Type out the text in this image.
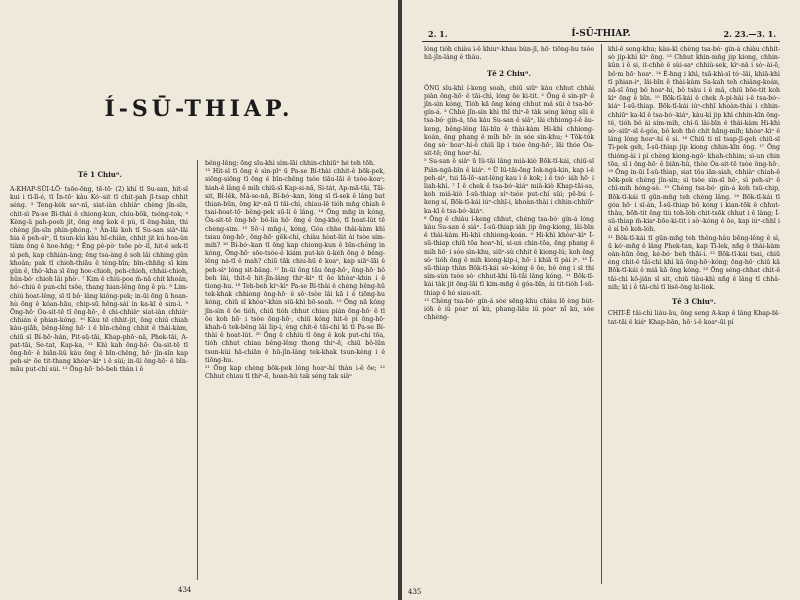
Í-SŪ-THIAP.
Tē 1 Chiuⁿ.

A-KHAP-SŪI-LŌ· tsōe-ōng, tē-tō· (2) khí tī Su-san, hit-sî kui i tī-lī-é, tī Ìn-tō· kàu Kó·-sit tī chit-pah jī-tsap chhit séng. ³ Teng-kèk saⁿ-nî, siat-iàn chhiàⁿ chèng jîn-sîn, chit-sì Pa-se Bí-thài ê chiong-kun, chiu-bōk, tsóng-tok; ⁴ Kèng-ū pah-poeh jit, ōng èng kok ê pù, tī ēng-hiàn, thì chèng jîn-sîn phín-phóng. ⁵ Àn-lāi koh tī Su-san siâⁿ-lāi hia ê peh-sìⁿ, tī tsun-kùi kàu hī-chiân, chhit jit kú hoa-ûn tiàm ōng ê hoe-hńg; ⁶ Ēng pê-pò· tsōe pò·-lî, hit-ê sek-tī sì peh, kap chhián-àng; ēng tsa-àng ê soh lâi chhing gûn khoân; pak tī chioh-thiāu ê téng-bīn; bīn-chhn̄g sī kim gûn ê, thô·-kha sī ēng hoe-chioh, peh-chioh, chhái-chioh, hûn-bô· chioh lâi phò·. ⁷ Kim ê chiú-poe m̄-nā chit khoán, hó·-chiú ē pun-chí tsōe, thang hian-lêng ōng ê pù. ⁸ Lim-chiú hoat-lêng, sī tī bô· lâng kiông-pek; in-ūi ōng ū hoan-hù ōng ê kóan-hāu, chip-sū hêng-sái in ka-kī ê sim-ì. ⁹ Ōng-hō· Óa-sit-tē tī ōng-hō·, ē chi-chhiàⁿ siat-iàn chhiàⁿ chhián ê phian-kóng. ¹⁰ Kàu tē chhit-jit, ōng chiú chiah kàu-giâ̍h, bêng-lêng hō· i ê bīn-chêng chhit ê thài-kàm, chiū sī Bí-hō·-hân, Pit-sū-tāi, Khap-phō·-nā, Phek-tāi, A-pat-tāi, Se-tat, Kap-ka, ¹¹ Khì kah ōng-hō· Óa-sit-tē tī ōng-hō· ê biān-liû kàu ōng ê bīn-chêng, hō· jîn-sîn kap peh-sìⁿ ōe tit-thang khòaⁿ-kìⁿ i ê sùi; in-ūi ōng-hō· ê bīn-māu put-chí sùi. ¹² Ōng-hō· bô-beh thàn i ê

bêng-lêng; ōng sīu-khì sìm-lāi chhin-chhiūⁿ hé teh tōh.

¹³ Hit-sî tī ōng ê sìn-pīⁿ ū Pa-se Bí-thài chhit-ê bōk-pek, siōng-siōng tī ōng ê bīn-chêng tsòe tiāu-lāi ê tsòe-koaⁿ; hiah-ê lâng ê mi̍h chiū-sī Kap-si-nā, Si-tát, Ap-mā-tāi, Tāi-sit, Bí-lêk, Mâ-se-nā, Bí-bó·-kan, lóng sī tī-sek ê lâng bat thian-būn, ōng kiⁿ-nā tī tāi-chì, chiau-lē tióh mn̄g chiah ê tsai-hoat-tō· bêng-pek sū-lí ê lâng. ¹⁴ Ōng mn̄g in kóng, Óa-sit-tē ōng-hō· bô-lia hō· ōng ê ōng-khó, tī hoat-lu̍t tē cheng-sim. ¹⁵ Sō·-í mn̄g-i, kóng, Góa chhe thài-kàm khì tsiau ōng-hō·, ōng-hō· gēk-chí, chiàu hòat-lu̍t ài tsòe sím-mih? ¹⁶ Bí-bó·-kan tī ōng kap chiong-kun ê bīn-chêng ìn kóng, Ōng-hō· sōe-tsòe-ê kiám put-kò ū-kèh ōng ê bêng-lêng ná-tī ê mah? chiū tāk chiu-hū ē koaⁿ, kap siāⁿ-lāi ê peh-sìⁿ lóng sit-bāng. ¹⁷ In-ūi ōng tāu ōng-hō·, ōng-hō· bô beh lâi, thi̍t-ē hit-jîn-lâng thiⁿ-kìⁿ tī ōe khòaⁿ-khin i ê tiong-hu. ¹⁸ Teh-beh kiⁿ-kìⁿ Pa-se Bí-thài ê chèng bêng-hū tek-khak chhiong ōng-hō· ê sō·-tsòe lâi kā i ê tiōng-hu kóng, chiū sī khòaⁿ-khin siū-khì bō-soah. ¹⁹ Ōng nā kóng jîn-sìn ē ōe tióh, chiū tióh chhut chiau pián ōng-hō· ê tī ōe koh hō· i tsòe ōng-hō·, chiū kóng hit-ê pì ōng-hō· khah-ū tek-bêng lâi lip-i, èng chit-ê tāi-chì kì tī Pa-se Bí-thài ê hoat-lu̍t. ²⁰ Ōng ē chhiù tī ōng ê kok put-chí tōa, tióh chhut chiau bêng-lêng thong thiⁿ-ē, chiū bô-lūn tsun-kùi hā-chiān ê hū-jîn-lâng tek-khak tsun-kèng i ê tiōng-hu.

²¹ Ōng kap chèng bōk-pek lóng hoaⁿ-hí thàn i-ê ōe; ²² Chhut chiau tī thiⁿ-ē, hoan-hù tak séng tak siâⁿ

434
2. 1.	Í-SŪ-THIAP.	2. 23.—3. 1.

lóng tióh chiàu i-ê khiuⁿ-khau bûn-jī, hō· tiōng-hu tsòe hū-jîn-lâng ê thâu.

Tē 2 Chiuⁿ.

ÔNG sīu-khì í-keng soah, chiū siūⁿ kàu chhut chhài piàn ōng-hō· ê tāi-chì, lóng ōe ki-tit. ² Ōng ê sìn-pīⁿ ê jîn-sìn kóng, Tióh kā ōng kéng chhut mâ sūi ê tsa-bó· gín-á. ³ Chhè jîn-sìn khì thī thiⁿ-ē tàk séng kéng sūi ê tsa-bó· gín-á, tōa kàu Su-san ê siâⁿ, lâi chhiong-i-ê âu-keng, bêng-lêng lāi-bīn ê thài-kàm Hi-khì chhiong-koán, ēng phang ê mi̍h hō· in sóe sìn-khu; ⁴ Tōk-tók ōng sò· hoaⁿ-hí-ê chiū lip i tsòe ōng-hō·, lāi thóe Óa-sit-tē; ōng hoaⁿ-hí.

⁵ Su-san ê siâⁿ ū Iû-tāi lâng mià-kiò Bōk-tī-kái, chiū-sī Piân-ngā-bīn ê kiáⁿ. ⁶ Ū Iû-tāi-ōng Iok-ngá-kin, kap i-ê peh-sìⁿ, tui Iâ-lō·-sat-léng kau i ê kok; i ê tsó· iáh hō· i liah-khì. ⁷ I ê chek ê tsa-bó·-kiáⁿ miâ-kiò Khap-tāi-sa, koh miâ-kiò Í-sū-thiap si̍ⁿ-tsòe put-chí sūi; pē-bú í-keng sí, Bōk-tī-kái iúⁿ-chhī-i, khoàn-thài i chhin-chhiūⁿ ka-kī ê tsa-bó·-kiáⁿ.

⁸ Ōng ê chiàu í-keng chhut, chèng tsa-bó· gín-á lóng kàu Su-san ê siâⁿ. Í-sū-thiap iáh jip ōng-kiong, lâi-bīn ê thài-kàm Hi-khì chhiong-koán. ⁹ Hi-khì khòaⁿ-kìⁿ Í-sū-thiap chiū tōa hoaⁿ-hí, si-un chin-tōa, ēng phang ê mi̍h hō· i sóe sìn-khu, siūⁿ-sù chhit ê kiong-lú; koh ēng sò· tióh ōng ê mi̍h kiong-kip-i, hō· i khiā tī pài iⁿ. ¹⁰ Í-sū-thiap thàn Bōk-tī-kái sò·-kóng ê ōe, bô èng i sī thi sim-sùn tsòe sò· chhut-khì Iû-tāi lâng kóng. ¹¹ Bōk-tī-kái tàk jit ōng-lāi tī kim-mn̄g ê góa-bīn, ài tit-tióh Í-sū-thiap ê hó siau-sit.

¹² Chèng tsa-bó· gín-á sòe sēng-khu chiàu lē èng bùt-ióh ê iû pòaⁿ nî kú, phang-liāu iû pòaⁿ nî kú, sóe chhèng-

khì-ê seng-khu; kàu-kì chèng tsa-bó· gín-á chiàu chhit-sò jip-khì kìⁿ ōng. ¹³ Chhut khin-mn̄g jip kiong, chhin-kûn i ê si, it-chhè ê sùi-saⁿ chhiú-sek, kìⁿ-nā i sò·-ài-ē, bô·m hō· hoaⁿ. ¹⁴ Ê-hng i khì, tsā-khì-sī tó·-lâi, khiā-khì tī phian-iⁿ, lâi-bīn ê thài-kàm Sa-kah teh chiâng-koán, nā-sī ōng bô hoaⁿ-hí, bô tsàu i ê mâ, chiū bōe-tit koh kìⁿ ōng ê bīn. ¹⁵ Bōk-tī-kái ê chek A-pi-hài i-ê tsa-bó·-kiáⁿ Í-sū-thiap. Bōk-tī-kái iúⁿ-chhī khoàn-thài i chhin-chhiūⁿ ka-kī ê tsa-bó·-kiáⁿ, kàu-kì jip khì chhin-kīn ōng-tê, tióh bô ài sím-mih, chí-ū lâi-bīn ê thài-kàm Hi-khì sò·-siūⁿ-sī ê-góa, bô koh thó chít hāng-mih; khòaⁿ-kìⁿ ê lâng lóng hoaⁿ-hí ê sì. ¹⁶ Chiū ti nī tsap-jī-geh chiū-sī Ti-pek geh, Í-sū-thiap jip kiong chhin-kīn ōng. ¹⁷ Ōng thióng-ài i pí chèng kiong-ngô· khah-chhim; si-un chin tōa, sī i ōng-hō· ê biān-hû, thòe Óa-sit-tē tsòe ōng-hō·. ¹⁸ Ōng in-ūi Í-sū-thiap, siat tōa iān-siah, chhiàⁿ chiah-ê bōk-pek chèng jîn-sìn; sì tsòe sìn-sī hō·, sì peh-sìⁿ ê chì-mih hóng-sè. ¹⁹ Chèng tsa-bó· gín-á koh tsū-chip, Bōk-tī-kái tī gūn-mn̄g teh chèng lâng. ²⁰ Bōk-tī-kái tī góa hō· i sī-án, Í-sū-thiap bô kóng i kian-tōk ê chhut-thâu, bōh-tit ēng tiù toh-lòh chit-tsōk chhut i ê lâng; Í-sū-thiap m̄-kiaⁿ-bōe-kì-tit i sò·-kóng ê ōe, kap iúⁿ-chhī i ê sì bô koh-lóh.

²¹ Bōk-tī-kái tī gūn-mn̄g teh thêng-hâu bēng-lêng ê sì, ū kó·-mn̄g ê lâng Phek-tan, kap Tī-lek, nñg ê thài-kàm oàn-hūn ōng, ké-bó· beh thāi-i. ²² Bōk-tī-kái tsai, chiū èng chit-ê tāi-chì khì kā ōng-hō·-kóng; ōng-hō· chiū kā Bōk-tī-kái ê miâ kā ōng kóng. ²³ Ōng séng-chhat chit-ê tāi-chì kō-jiān sī sit, chiū tiàu-khì nñg ê lâng tī chhâ-nih; kì i ê tāi-chì tī lisē-ōng ki-liok.

Tē 3 Chiuⁿ.

CHIT-Ê tāi-chì liáu-āu, ōng seng A-kap ê lâng Khap-bī-tat-tāi ê kiáⁿ Khap-bān, hō· i-ê koaⁿ-ūi pí

435
